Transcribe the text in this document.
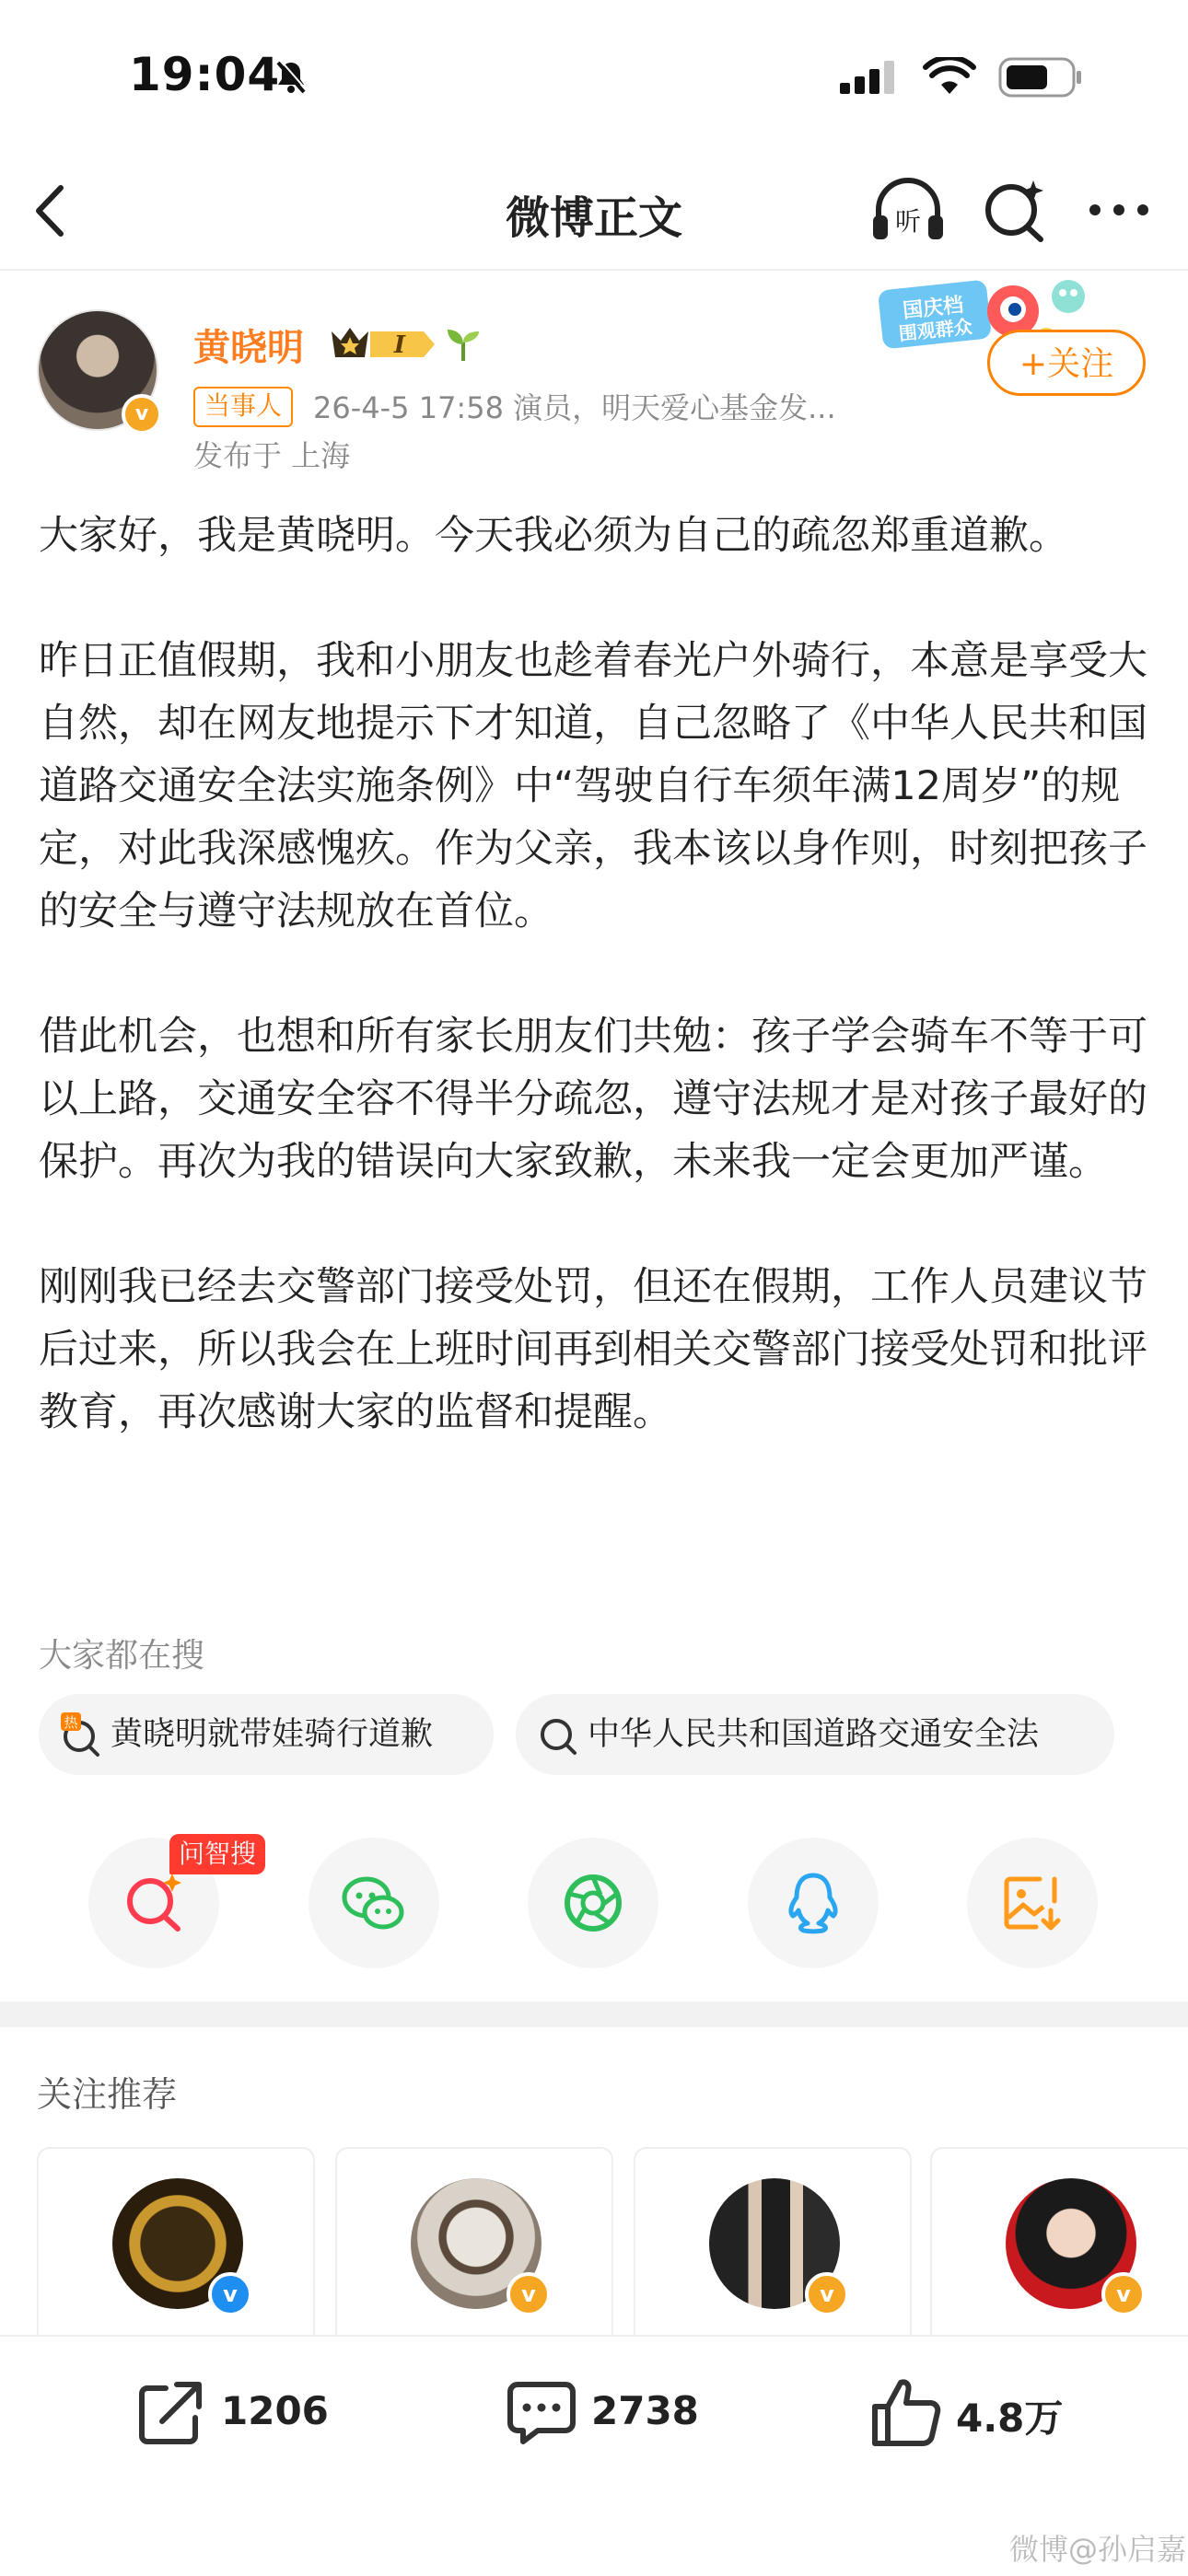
19:04
微博正文	听
v
黄晓明	I
国庆档
围观群众
+关注
当事人	26-4-5 17:58 演员，明天爱心基金发...
发布于 上海

大家好，我是黄晓明。今天我必须为自己的疏忽郑重道歉。

昨日正值假期，我和小朋友也趁着春光户外骑行，本意是享受大自然，却在网友地提示下才知道，自己忽略了《中华人民共和国道路交通安全法实施条例》中“驾驶自行车须年满12周岁”的规定，对此我深感愧疚。作为父亲，我本该以身作则，时刻把孩子的安全与遵守法规放在首位。

借此机会，也想和所有家长朋友们共勉：孩子学会骑车不等于可以上路，交通安全容不得半分疏忽，遵守法规才是对孩子最好的保护。再次为我的错误向大家致歉，未来我一定会更加严谨。

刚刚我已经去交警部门接受处罚，但还在假期，工作人员建议节后过来，所以我会在上班时间再到相关交警部门接受处罚和批评教育，再次感谢大家的监督和提醒。

大家都在搜
热 黄晓明就带娃骑行道歉	中华人民共和国道路交通安全法
问智搜
关注推荐
v	v	v	v
1206	2738	4.8万
微博@孙启嘉
